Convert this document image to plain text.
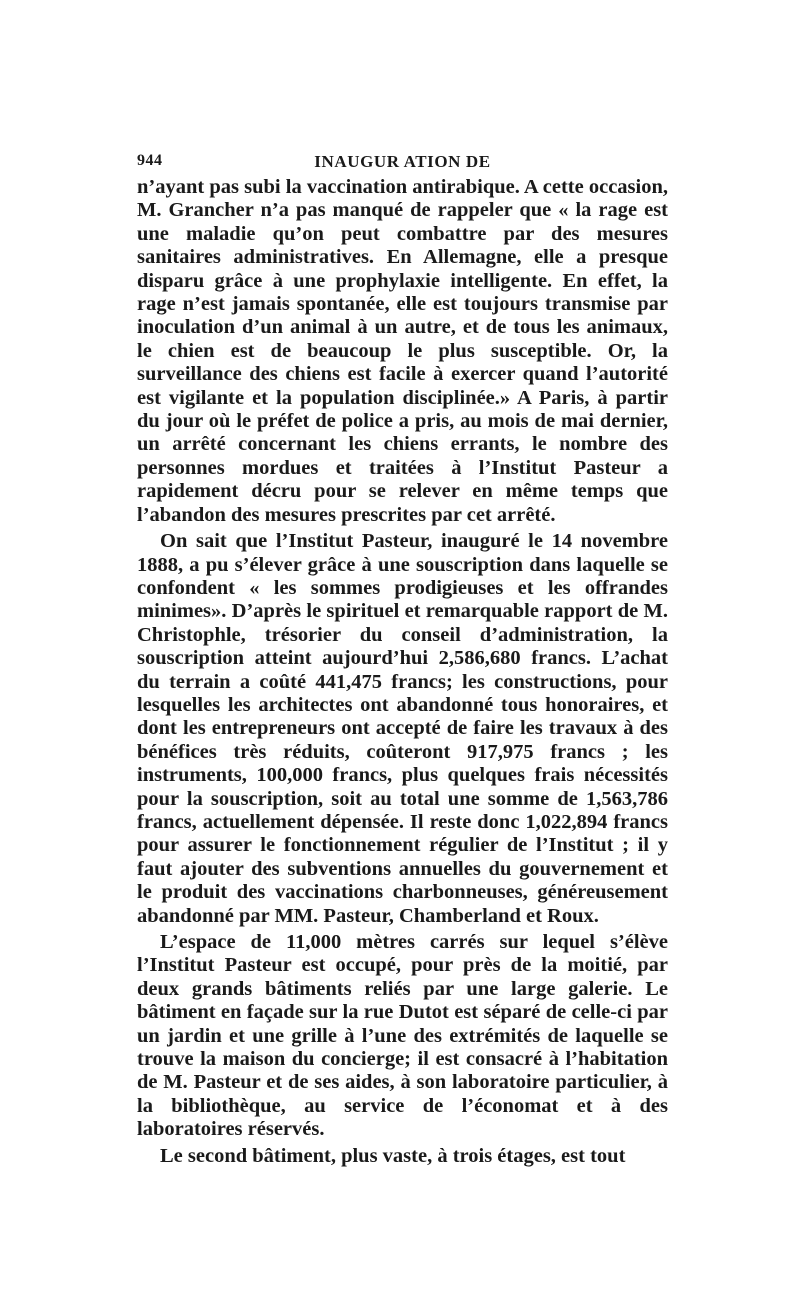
944	INAUGUR ATION DE

n’ayant pas subi la vaccination antirabique. A cette occasion, M. Grancher n’a pas manqué de rappeler que « la rage est une maladie qu’on peut combattre par des mesures sanitaires administratives. En Allemagne, elle a presque disparu grâce à une prophylaxie intelligente. En effet, la rage n’est jamais spontanée, elle est toujours transmise par inoculation d’un animal à un autre, et de tous les animaux, le chien est de beaucoup le plus susceptible. Or, la surveillance des chiens est facile à exercer quand l’autorité est vigilante et la population disciplinée.» A Paris, à partir du jour où le préfet de police a pris, au mois de mai dernier, un arrêté concernant les chiens errants, le nombre des personnes mordues et traitées à l’Institut Pasteur a rapidement décru pour se relever en même temps que l’abandon des mesures prescrites par cet arrêté.

On sait que l’Institut Pasteur, inauguré le 14 novembre 1888, a pu s’élever grâce à une souscription dans laquelle se confondent « les sommes prodigieuses et les offrandes minimes». D’après le spirituel et remarquable rapport de M. Christophle, trésorier du conseil d’administration, la souscription atteint aujourd’hui 2,586,680 francs. L’achat du terrain a coûté 441,475 francs; les constructions, pour lesquelles les architectes ont abandonné tous honoraires, et dont les entrepreneurs ont accepté de faire les travaux à des bénéfices très réduits, coûteront 917,975 francs ; les instruments, 100,000 francs, plus quelques frais nécessités pour la souscription, soit au total une somme de 1,563,786 francs, actuellement dépensée. Il reste donc 1,022,894 francs pour assurer le fonctionnement régulier de l’Institut ; il y faut ajouter des subventions annuelles du gouvernement et le produit des vaccinations charbonneuses, généreusement abandonné par MM. Pasteur, Chamberland et Roux.

L’espace de 11,000 mètres carrés sur lequel s’élève l’Institut Pasteur est occupé, pour près de la moitié, par deux grands bâtiments reliés par une large galerie. Le bâtiment en façade sur la rue Dutot est séparé de celle-ci par un jardin et une grille à l’une des extrémités de laquelle se trouve la maison du concierge; il est consacré à l’habitation de M. Pasteur et de ses aides, à son laboratoire particulier, à la bibliothèque, au service de l’économat et à des laboratoires réservés.

Le second bâtiment, plus vaste, à trois étages, est tout
